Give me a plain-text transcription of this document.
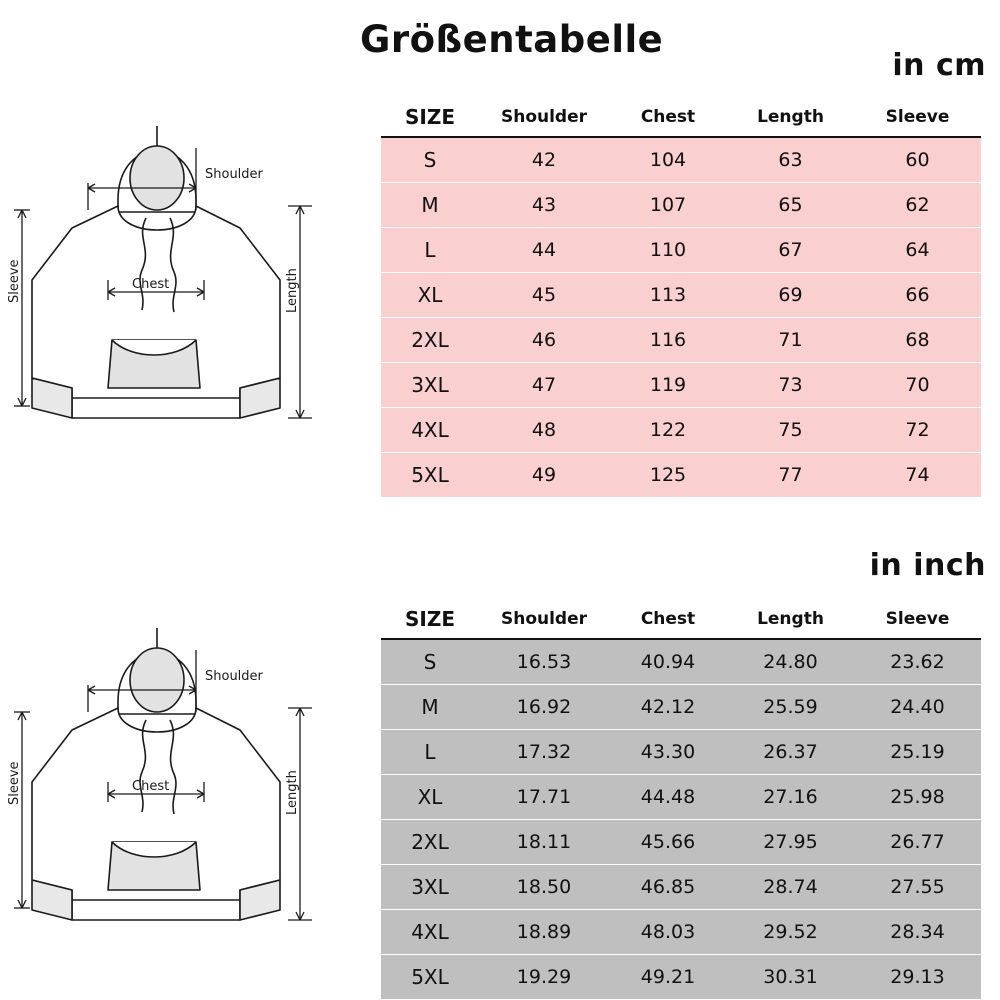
Größentabelle
in cm
in inch
Shoulder
Chest	Length
Sleeve
SIZE	Shoulder	Chest	Length	Sleeve
S	42	104	63	60
M	43	107	65	62
L	44	110	67	64
XL	45	113	69	66
2XL	46	116	71	68
3XL	47	119	73	70
4XL	48	122	75	72
5XL	49	125	77	74
Shoulder
Chest	Length
Sleeve
SIZE	Shoulder	Chest	Length	Sleeve
S	16.53	40.94	24.80	23.62
M	16.92	42.12	25.59	24.40
L	17.32	43.30	26.37	25.19
XL	17.71	44.48	27.16	25.98
2XL	18.11	45.66	27.95	26.77
3XL	18.50	46.85	28.74	27.55
4XL	18.89	48.03	29.52	28.34
5XL	19.29	49.21	30.31	29.13
